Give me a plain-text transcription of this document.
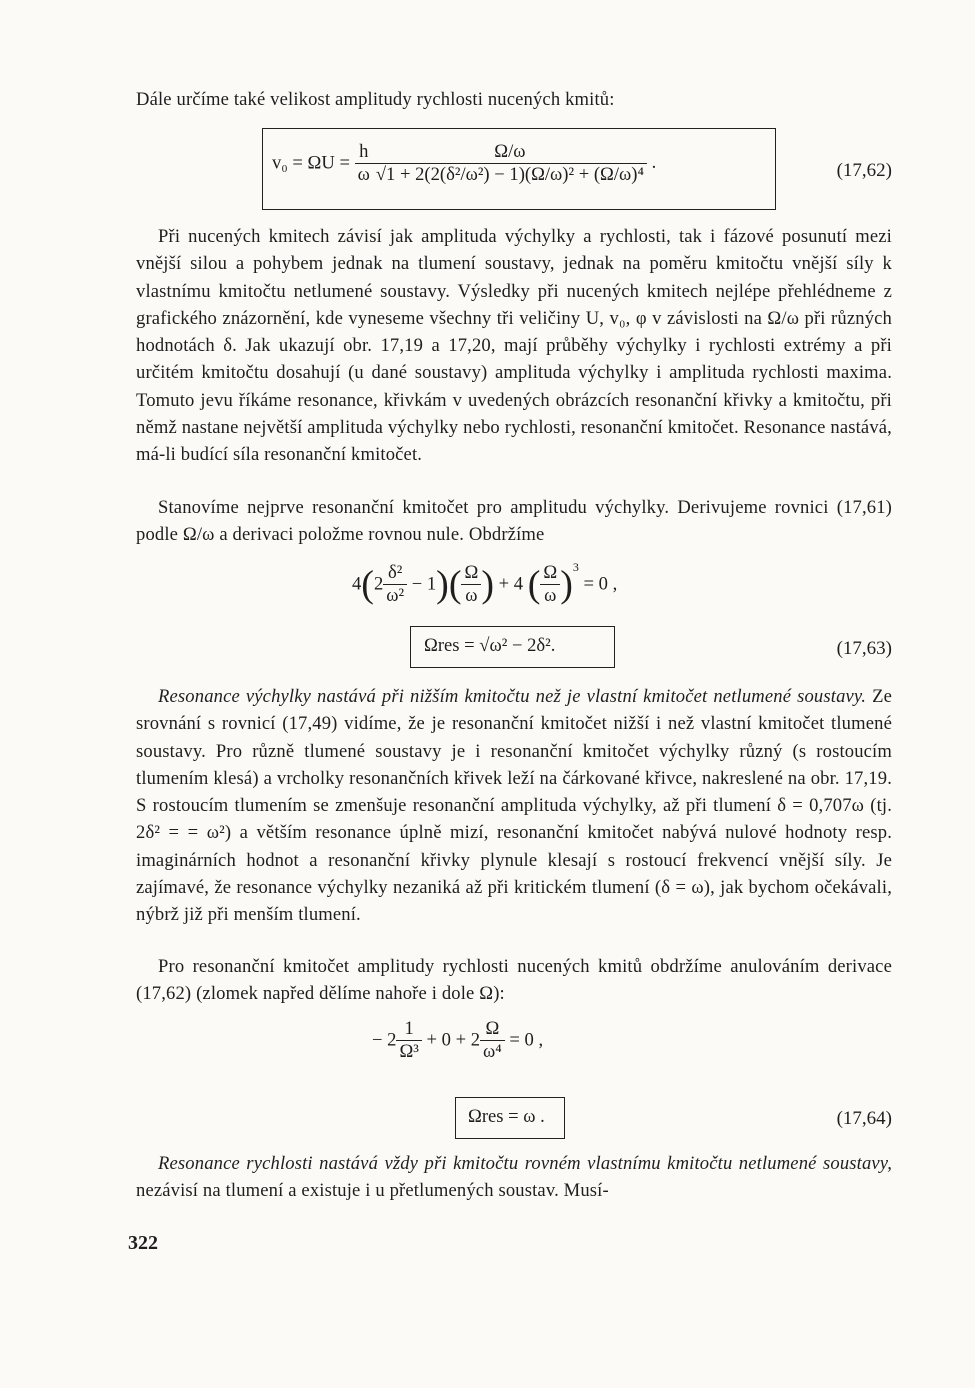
Dále určíme také velikost amplitudy rychlosti nucených kmitů:
$v_0 = \Omega U = \frac{h}{\omega} \frac{\Omega/\omega}{\text{√1 + 2(2(δ²/ω²) − 1)(Ω/ω)² + (Ω/ω)⁴}}$ .	(17,62)
Při nucených kmitech závisí jak amplituda výchylky a rychlosti, tak i fázové posunutí mezi vnější silou a pohybem jednak na tlumení soustavy, jednak na poměru kmitočtu vnější síly k vlastnímu kmitočtu netlumené soustavy. Výsledky při nucených kmitech nejlépe přehlédneme z grafického znázornění, kde vyneseme všechny tři veličiny U, v₀, φ v závislosti na Ω/ω při různých hodnotách δ. Jak ukazují obr. 17,19 a 17,20, mají průběhy výchylky i rychlosti extrémy a při určitém kmitočtu dosahují (u dané soustavy) amplituda výchylky i amplituda rychlosti maxima. Tomuto jevu říkáme resonance, křivkám v uvedených obrázcích resonanční křivky a kmitočtu, při němž nastane největší amplituda výchylky nebo rychlosti, resonanční kmitočet. Resonance nastává, má-li budící síla resonanční kmitočet.
Stanovíme nejprve resonanční kmitočet pro amplitudu výchylky. Derivujeme rovnici (17,61) podle Ω/ω a derivaci položme rovnou nule. Obdržíme
$4(2 \frac{\text{δ²}}{\text{ω²}} - 1)( \frac{\Omega}{\omega}$ ) + 4 ( $\frac{\Omega}{\omega} )^3 = 0$ ,
Ωres = √ω² − 2δ².	(17,63)
Resonance výchylky nastává při nižším kmitočtu než je vlastní kmitočet netlumené soustavy. Ze srovnání s rovnicí (17,49) vidíme, že je resonanční kmitočet nižší i než vlastní kmitočet tlumené soustavy. Pro různě tlumené soustavy je i resonanční kmitočet výchylky různý (s rostoucím tlumením klesá) a vrcholky resonančních křivek leží na čárkované křivce, nakreslené na obr. 17,19. S rostoucím tlumením se zmenšuje resonanční amplituda výchylky, až při tlumení δ = 0,707ω (tj. 2δ² = = ω²) a větším resonance úplně mizí, resonanční kmitočet nabývá nulové hodnoty resp. imaginárních hodnot a resonanční křivky plynule klesají s rostoucí frekvencí vnější síly. Je zajímavé, že resonance výchylky nezaniká až při kritickém tlumení (δ = ω), jak bychom očekávali, nýbrž již při menším tlumení.
Pro resonanční kmitočet amplitudy rychlosti nucených kmitů obdržíme anulováním derivace (17,62) (zlomek napřed dělíme nahoře i dole Ω):
− $2 \frac{1}{\text{Ω³}} + 0 + 2 \frac{\Omega}{\text{ω⁴}} = 0$ ,
Ωres = ω .	(17,64)
Resonance rychlosti nastává vždy při kmitočtu rovném vlastnímu kmitočtu netlumené soustavy, nezávisí na tlumení a existuje i u přetlumených soustav. Musí-
322
